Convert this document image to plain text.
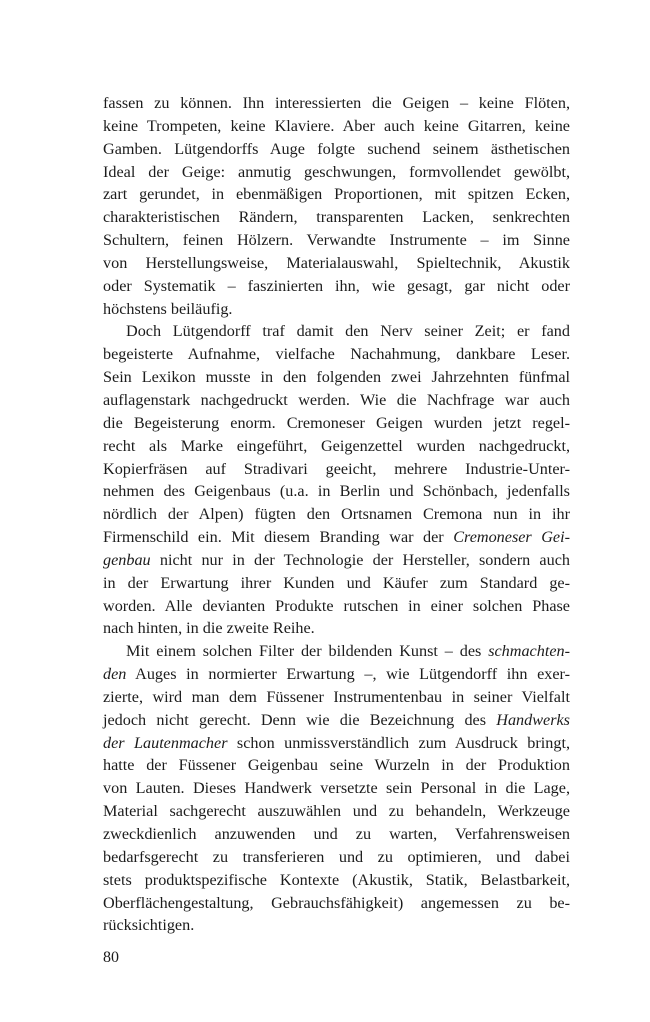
fassen zu können. Ihn interessierten die Geigen – keine Flöten,
keine Trompeten, keine Klaviere. Aber auch keine Gitarren, keine
Gamben. Lütgendorffs Auge folgte suchend seinem ästhetischen
Ideal der Geige: anmutig geschwungen, formvollendet gewölbt,
zart gerundet, in ebenmäßigen Proportionen, mit spitzen Ecken,
charakteristischen Rändern, transparenten Lacken, senkrechten
Schultern, feinen Hölzern. Verwandte Instrumente – im Sinne
von Herstellungsweise, Materialauswahl, Spieltechnik, Akustik
oder Systematik – faszinierten ihn, wie gesagt, gar nicht oder
höchstens beiläufig.
Doch Lütgendorff traf damit den Nerv seiner Zeit; er fand
begeisterte Aufnahme, vielfache Nachahmung, dankbare Leser.
Sein Lexikon musste in den folgenden zwei Jahrzehnten fünfmal
auflagenstark nachgedruckt werden. Wie die Nachfrage war auch
die Begeisterung enorm. Cremoneser Geigen wurden jetzt regel-
recht als Marke eingeführt, Geigenzettel wurden nachgedruckt,
Kopierfräsen auf Stradivari geeicht, mehrere Industrie-Unter-
nehmen des Geigenbaus (u.a. in Berlin und Schönbach, jedenfalls
nördlich der Alpen) fügten den Ortsnamen Cremona nun in ihr
Firmenschild ein. Mit diesem Branding war der Cremoneser Gei-
genbau nicht nur in der Technologie der Hersteller, sondern auch
in der Erwartung ihrer Kunden und Käufer zum Standard ge-
worden. Alle devianten Produkte rutschen in einer solchen Phase
nach hinten, in die zweite Reihe.
Mit einem solchen Filter der bildenden Kunst – des schmachten-
den Auges in normierter Erwartung –, wie Lütgendorff ihn exer-
zierte, wird man dem Füssener Instrumentenbau in seiner Vielfalt
jedoch nicht gerecht. Denn wie die Bezeichnung des Handwerks
der Lautenmacher schon unmissverständlich zum Ausdruck bringt,
hatte der Füssener Geigenbau seine Wurzeln in der Produktion
von Lauten. Dieses Handwerk versetzte sein Personal in die Lage,
Material sachgerecht auszuwählen und zu behandeln, Werkzeuge
zweckdienlich anzuwenden und zu warten, Verfahrensweisen
bedarfsgerecht zu transferieren und zu optimieren, und dabei
stets produktspezifische Kontexte (Akustik, Statik, Belastbarkeit,
Oberflächengestaltung, Gebrauchsfähigkeit) angemessen zu be-
rücksichtigen.
80
